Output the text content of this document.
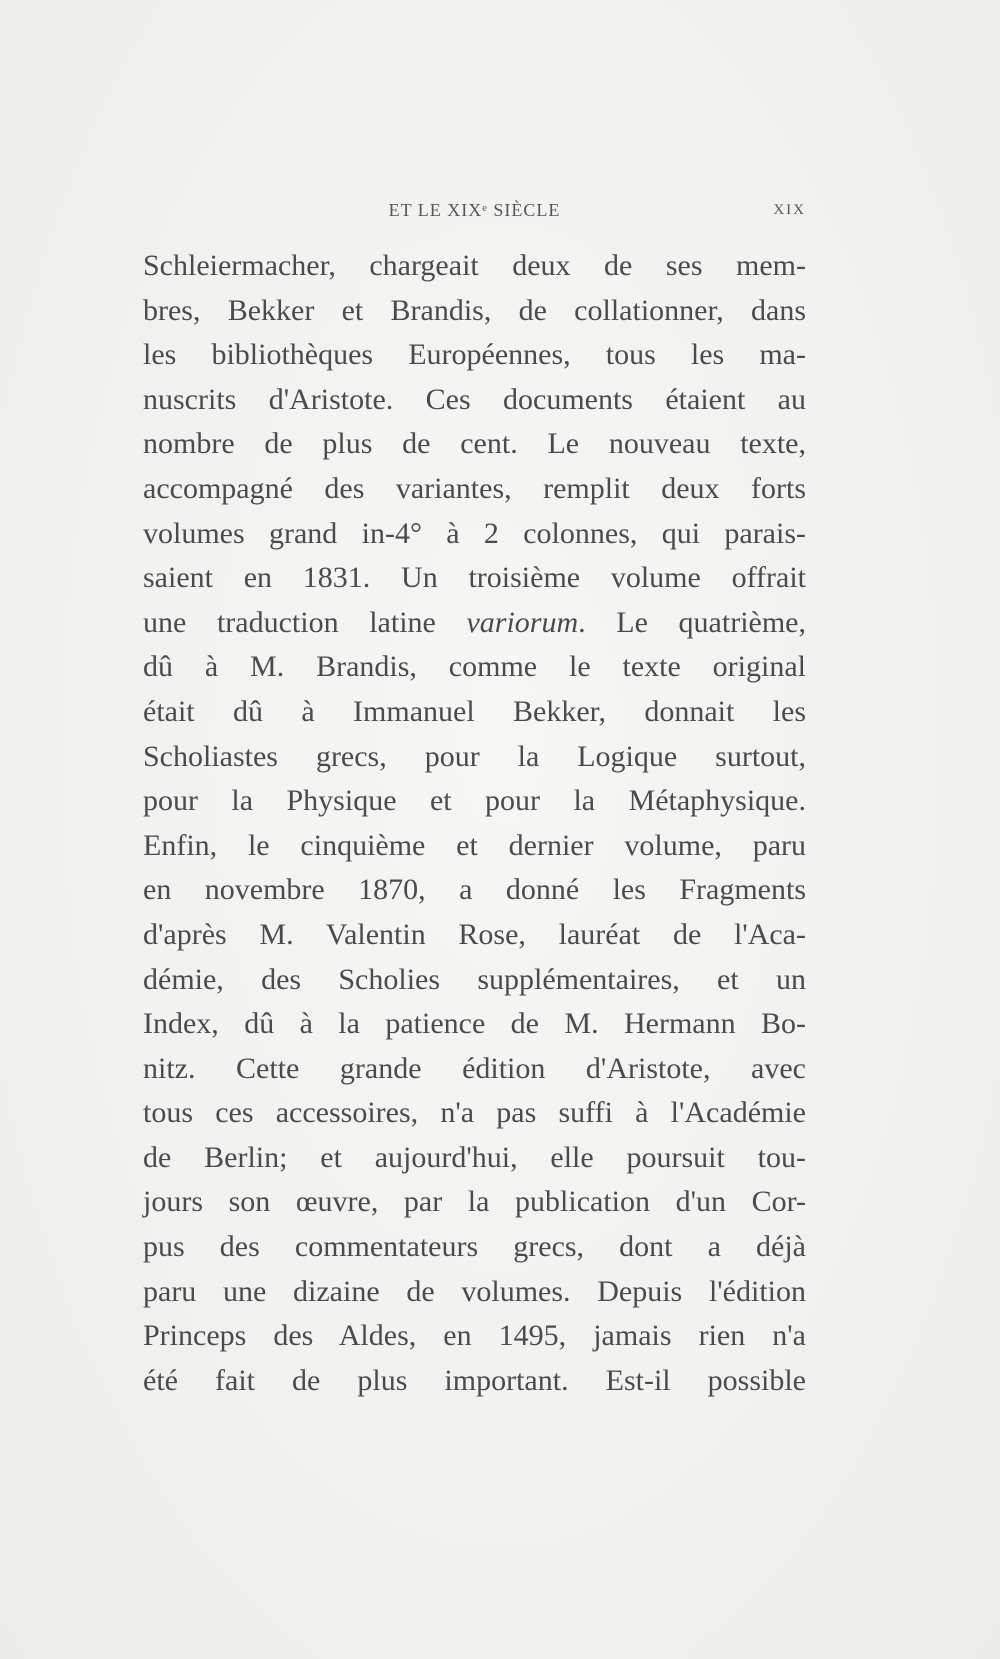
ET LE XIXᵉ SIÈCLE	XIX
Schleiermacher, chargeait deux de ses mem-
bres, Bekker et Brandis, de collationner, dans
les bibliothèques Européennes, tous les ma-
nuscrits d'Aristote. Ces documents étaient au
nombre de plus de cent. Le nouveau texte,
accompagné des variantes, remplit deux forts
volumes grand in-4° à 2 colonnes, qui parais-
saient en 1831. Un troisième volume offrait
une traduction latine variorum. Le quatrième,
dû à M. Brandis, comme le texte original
était dû à Immanuel Bekker, donnait les
Scholiastes grecs, pour la Logique surtout,
pour la Physique et pour la Métaphysique.
Enfin, le cinquième et dernier volume, paru
en novembre 1870, a donné les Fragments
d'après M. Valentin Rose, lauréat de l'Aca-
démie, des Scholies supplémentaires, et un
Index, dû à la patience de M. Hermann Bo-
nitz. Cette grande édition d'Aristote, avec
tous ces accessoires, n'a pas suffi à l'Académie
de Berlin; et aujourd'hui, elle poursuit tou-
jours son œuvre, par la publication d'un Cor-
pus des commentateurs grecs, dont a déjà
paru une dizaine de volumes. Depuis l'édition
Princeps des Aldes, en 1495, jamais rien n'a
été fait de plus important. Est-il possible
